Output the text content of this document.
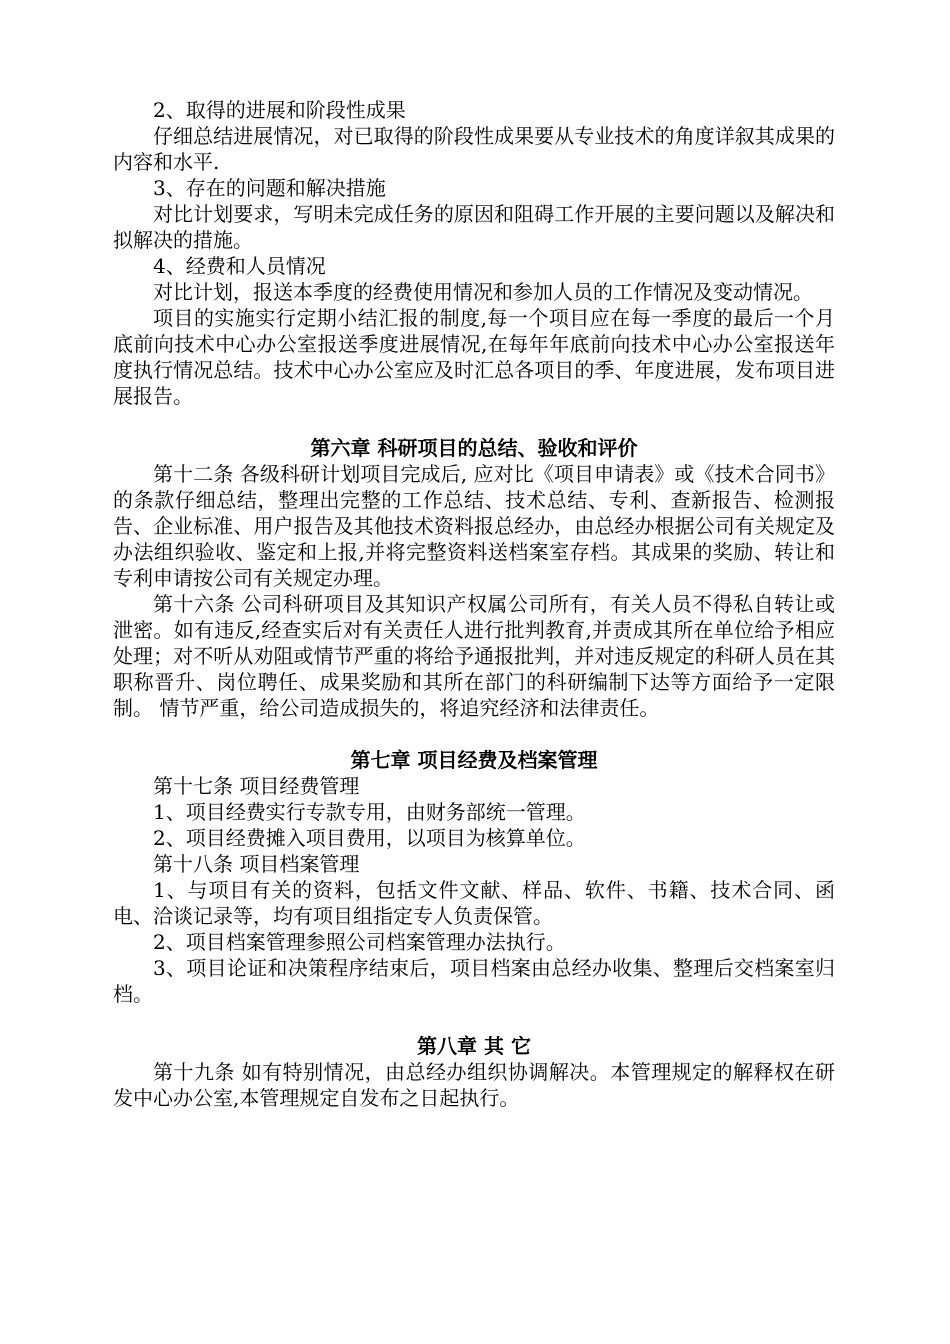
2、取得的进展和阶段性成果

仔细总结进展情况，对已取得的阶段性成果要从专业技术的角度详叙其成果的内容和水平.

3、存在的问题和解决措施

对比计划要求，写明未完成任务的原因和阻碍工作开展的主要问题以及解决和拟解决的措施。

4、经费和人员情况

对比计划，报送本季度的经费使用情况和参加人员的工作情况及变动情况。

项目的实施实行定期小结汇报的制度,每一个项目应在每一季度的最后一个月底前向技术中心办公室报送季度进展情况,在每年年底前向技术中心办公室报送年度执行情况总结。技术中心办公室应及时汇总各项目的季、年度进展，发布项目进展报告。

第六章 科研项目的总结、验收和评价

第十二条 各级科研计划项目完成后, 应对比《项目申请表》或《技术合同书》的条款仔细总结，整理出完整的工作总结、技术总结、专利、查新报告、检测报告、企业标准、用户报告及其他技术资料报总经办，由总经办根据公司有关规定及办法组织验收、鉴定和上报,并将完整资料送档案室存档。其成果的奖励、转让和专利申请按公司有关规定办理。

第十六条 公司科研项目及其知识产权属公司所有，有关人员不得私自转让或泄密。如有违反,经查实后对有关责任人进行批判教育,并责成其所在单位给予相应处理；对不听从劝阻或情节严重的将给予通报批判，并对违反规定的科研人员在其职称晋升、岗位聘任、成果奖励和其所在部门的科研编制下达等方面给予一定限制。 情节严重，给公司造成损失的，将追究经济和法律责任。

第七章 项目经费及档案管理

第十七条 项目经费管理

1、项目经费实行专款专用，由财务部统一管理。

2、项目经费摊入项目费用，以项目为核算单位。

第十八条 项目档案管理

1、与项目有关的资料，包括文件文献、样品、软件、书籍、技术合同、函电、洽谈记录等，均有项目组指定专人负责保管。

2、项目档案管理参照公司档案管理办法执行。

3、项目论证和决策程序结束后，项目档案由总经办收集、整理后交档案室归档。

第八章 其 它

第十九条 如有特别情况，由总经办组织协调解决。本管理规定的解释权在研发中心办公室,本管理规定自发布之日起执行。
